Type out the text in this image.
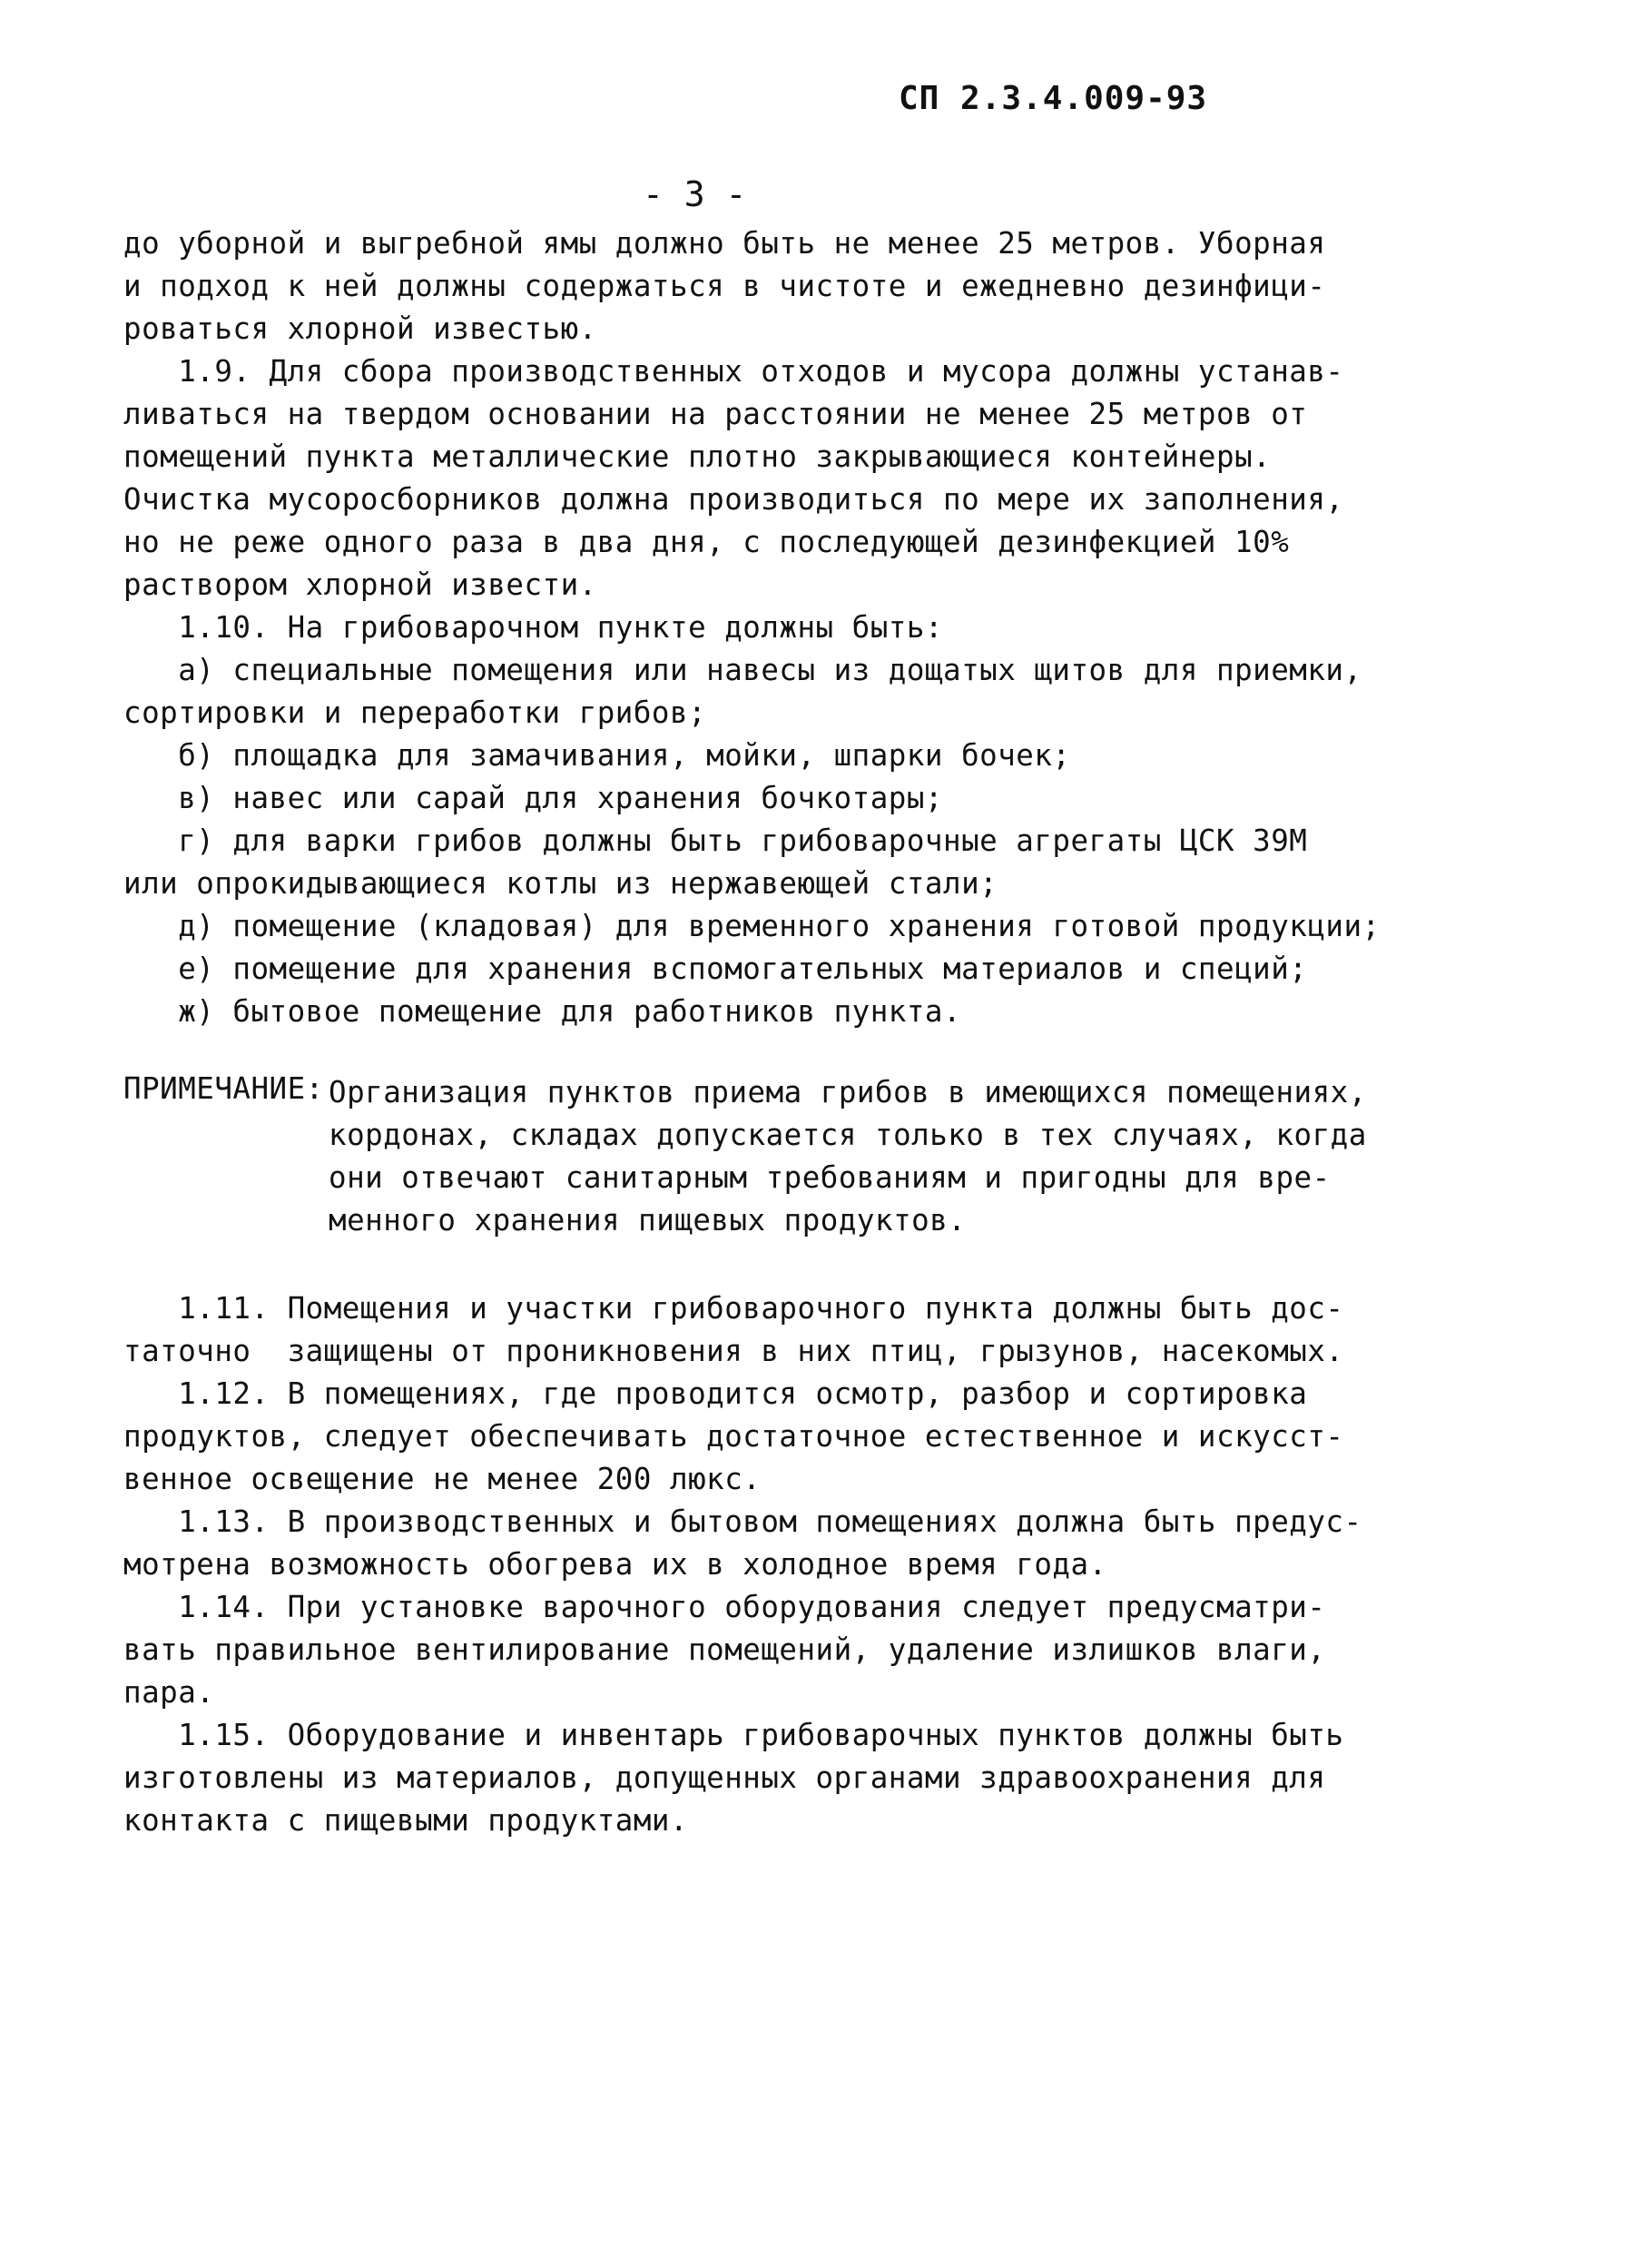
СП 2.3.4.009-93
- 3 -
до уборной и выгребной ямы должно быть не менее 25 метров. Уборная
и подход к ней должны содержаться в чистоте и ежедневно дезинфици-
роваться хлорной известью.
1.9. Для сбора производственных отходов и мусора должны устанав-
ливаться на твердом основании на расстоянии не менее 25 метров от
помещений пункта металлические плотно закрывающиеся контейнеры.
Очистка мусоросборников должна производиться по мере их заполнения,
но не реже одного раза в два дня, с последующей дезинфекцией 10%
раствором хлорной извести.
1.10. На грибоварочном пункте должны быть:
а) специальные помещения или навесы из дощатых щитов для приемки,
сортировки и переработки грибов;
б) площадка для замачивания, мойки, шпарки бочек;
в) навес или сарай для хранения бочкотары;
г) для варки грибов должны быть грибоварочные агрегаты ЦСК 39М
или опрокидывающиеся котлы из нержавеющей стали;
д) помещение (кладовая) для временного хранения готовой продукции;
е) помещение для хранения вспомогательных материалов и специй;
ж) бытовое помещение для работников пункта.
ПРИМЕЧАНИЕ: Организация пунктов приема грибов в имеющихся помещениях,
кордонах, складах допускается только в тех случаях, когда
они отвечают санитарным требованиям и пригодны для вре-
менного хранения пищевых продуктов.
1.11. Помещения и участки грибоварочного пункта должны быть дос-
таточно  защищены от проникновения в них птиц, грызунов, насекомых.
1.12. В помещениях, где проводится осмотр, разбор и сортировка
продуктов, следует обеспечивать достаточное естественное и искусст-
венное освещение не менее 200 люкс.
1.13. В производственных и бытовом помещениях должна быть предус-
мотрена возможность обогрева их в холодное время года.
1.14. При установке варочного оборудования следует предусматри-
вать правильное вентилирование помещений, удаление излишков влаги,
пара.
1.15. Оборудование и инвентарь грибоварочных пунктов должны быть
изготовлены из материалов, допущенных органами здравоохранения для
контакта с пищевыми продуктами.
